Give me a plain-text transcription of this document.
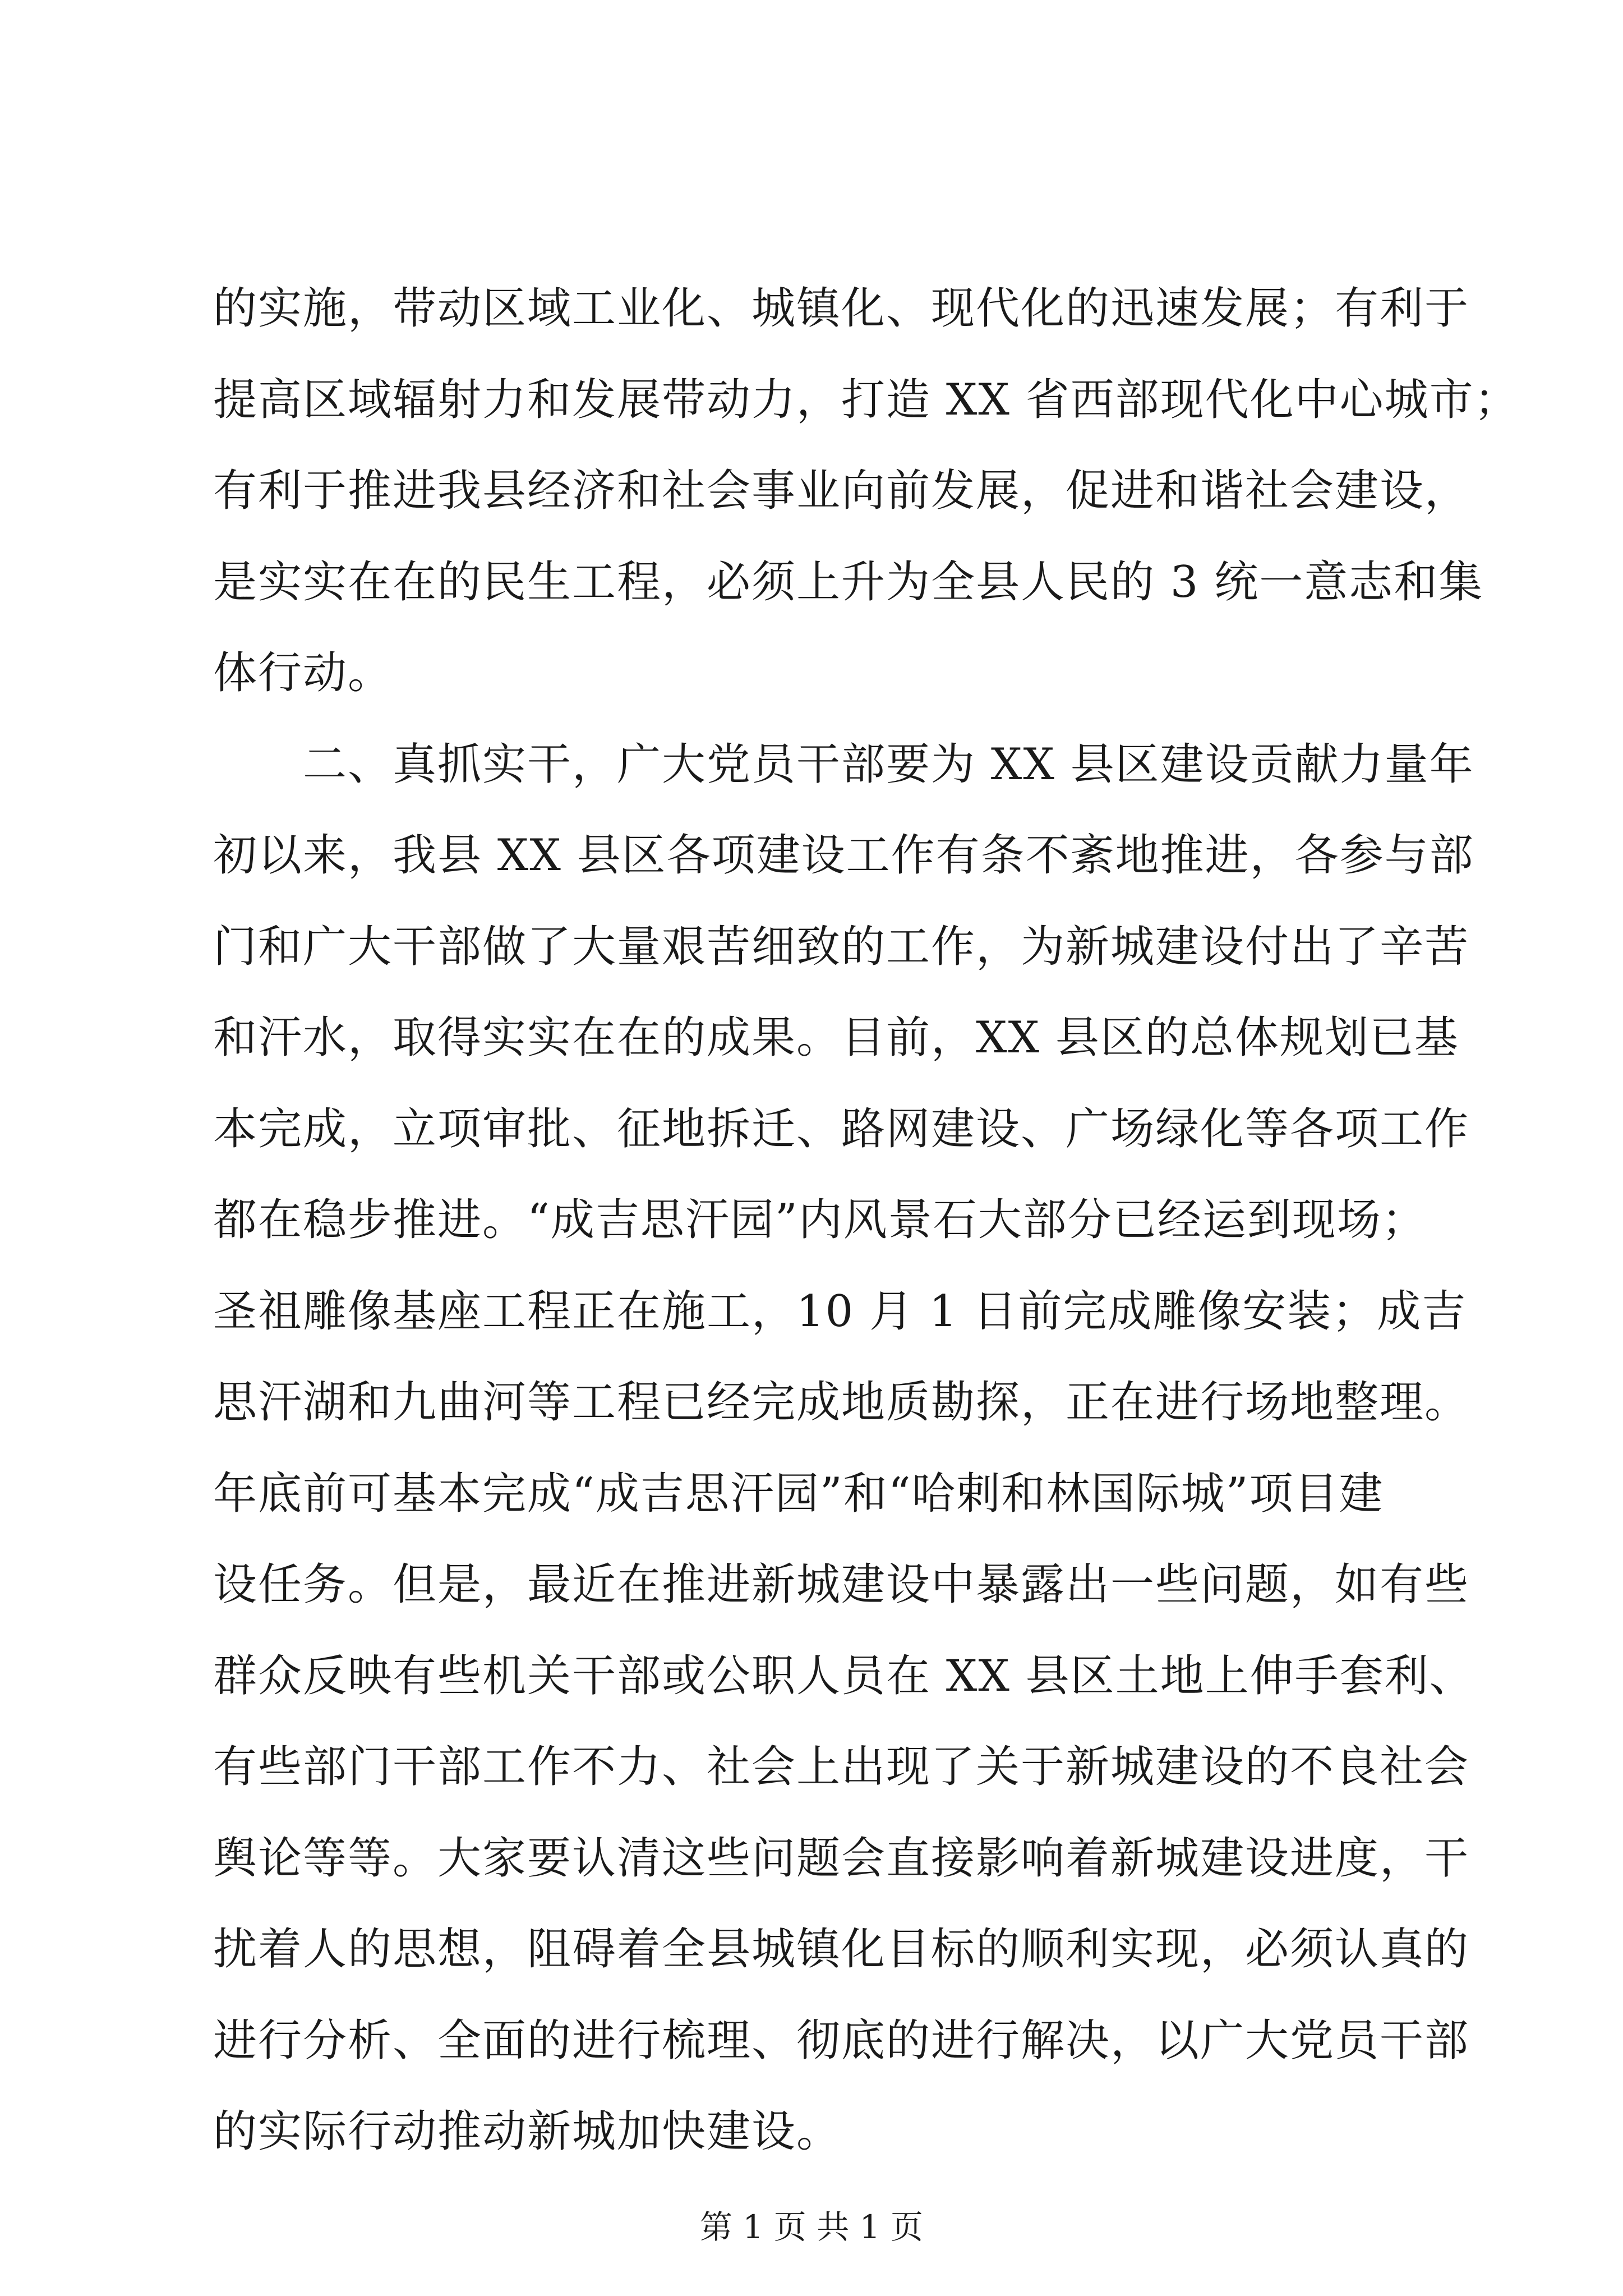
的实施，带动区域工业化、城镇化、现代化的迅速发展；有利于
提高区域辐射力和发展带动力，打造 XX 省西部现代化中心城市；
有利于推进我县经济和社会事业向前发展，促进和谐社会建设，
是实实在在的民生工程，必须上升为全县人民的 3 统一意志和集
体行动。
　　二、真抓实干，广大党员干部要为 XX 县区建设贡献力量年
初以来，我县 XX 县区各项建设工作有条不紊地推进，各参与部
门和广大干部做了大量艰苦细致的工作，为新城建设付出了辛苦
和汗水，取得实实在在的成果。目前，XX 县区的总体规划已基
本完成，立项审批、征地拆迁、路网建设、广场绿化等各项工作
都在稳步推进。“成吉思汗园”内风景石大部分已经运到现场；
圣祖雕像基座工程正在施工，10 月 1 日前完成雕像安装；成吉
思汗湖和九曲河等工程已经完成地质勘探，正在进行场地整理。
年底前可基本完成“成吉思汗园”和“哈剌和林国际城”项目建
设任务。但是，最近在推进新城建设中暴露出一些问题，如有些
群众反映有些机关干部或公职人员在 XX 县区土地上伸手套利、
有些部门干部工作不力、社会上出现了关于新城建设的不良社会
舆论等等。大家要认清这些问题会直接影响着新城建设进度，干
扰着人的思想，阻碍着全县城镇化目标的顺利实现，必须认真的
进行分析、全面的进行梳理、彻底的进行解决，以广大党员干部
的实际行动推动新城加快建设。
第 1 页 共 1 页
